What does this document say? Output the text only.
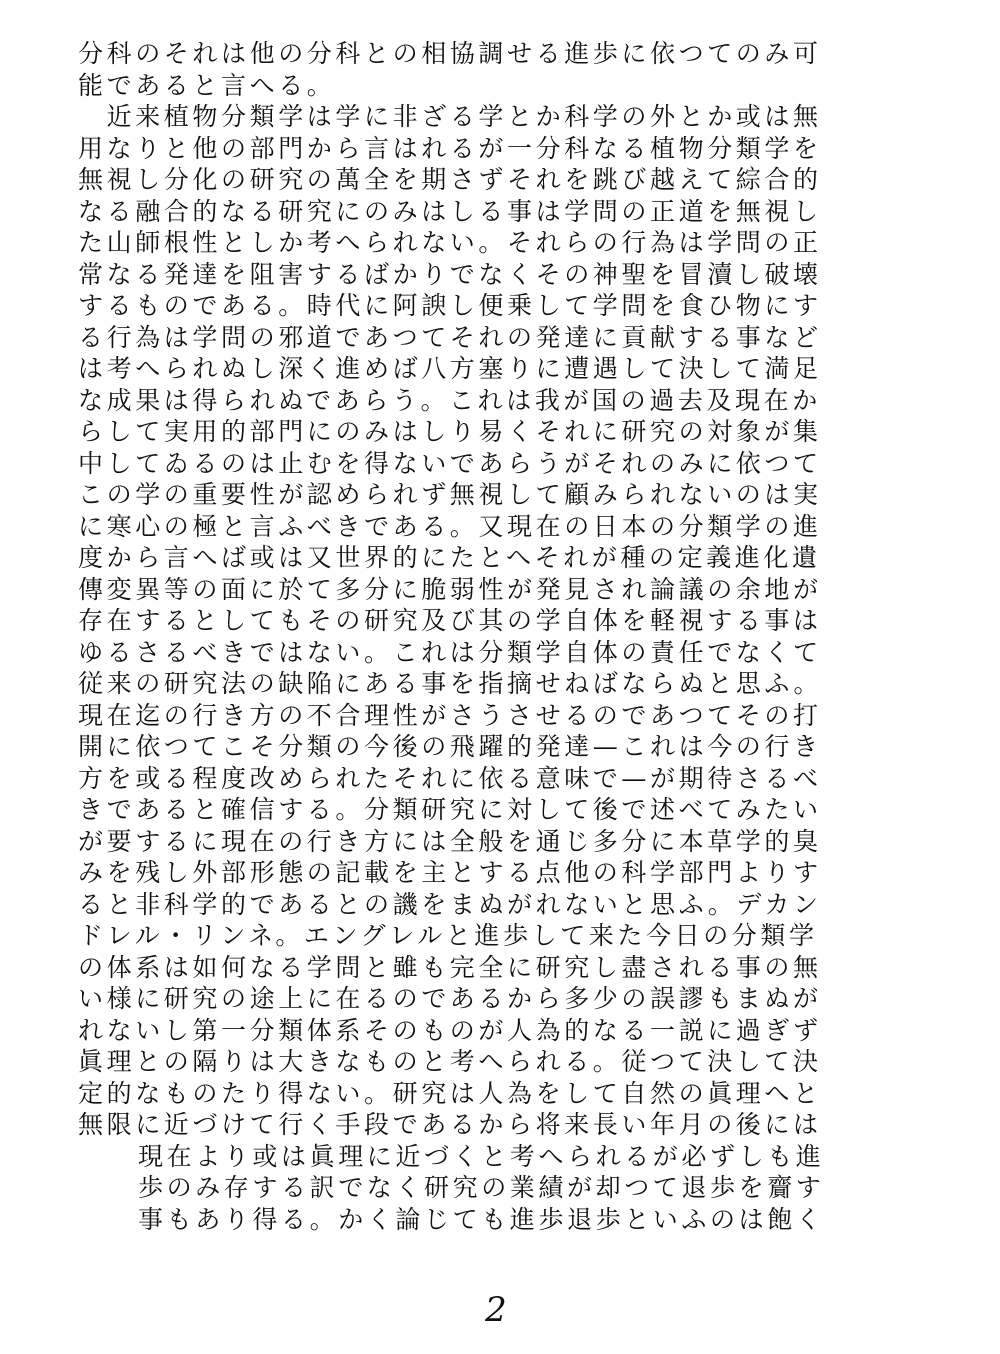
分科のそれは他の分科との相協調せる進歩に依つてのみ可
能であると言へる。
　近来植物分類学は学に非ざる学とか科学の外とか或は無
用なりと他の部門から言はれるが一分科なる植物分類学を
無視し分化の研究の萬全を期さずそれを跳び越えて綜合的
なる融合的なる研究にのみはしる事は学問の正道を無視し
た山師根性としか考へられない。それらの行為は学問の正
常なる発達を阻害するばかりでなくその神聖を冒瀆し破壊
するものである。時代に阿諛し便乗して学問を食ひ物にす
る行為は学問の邪道であつてそれの発達に貢献する事など
は考へられぬし深く進めば八方塞りに遭遇して決して満足
な成果は得られぬであらう。これは我が国の過去及現在か
らして実用的部門にのみはしり易くそれに研究の対象が集
中してゐるのは止むを得ないであらうがそれのみに依つて
この学の重要性が認められず無視して顧みられないのは実
に寒心の極と言ふべきである。又現在の日本の分類学の進
度から言へば或は又世界的にたとへそれが種の定義進化遺
傳変異等の面に於て多分に脆弱性が発見され論議の余地が
存在するとしてもその研究及び其の学自体を軽視する事は
ゆるさるべきではない。これは分類学自体の責任でなくて
従来の研究法の缺陥にある事を指摘せねばならぬと思ふ。
現在迄の行き方の不合理性がさうさせるのであつてその打
開に依つてこそ分類の今後の飛躍的発達—これは今の行き
方を或る程度改められたそれに依る意味で—が期待さるべ
きであると確信する。分類研究に対して後で述べてみたい
が要するに現在の行き方には全般を通じ多分に本草学的臭
みを残し外部形態の記載を主とする点他の科学部門よりす
ると非科学的であるとの譏をまぬがれないと思ふ。デカン
ドレル・リンネ。エングレルと進歩して来た今日の分類学
の体系は如何なる学問と雖も完全に研究し盡される事の無
い様に研究の途上に在るのであるから多少の誤謬もまぬが
れないし第一分類体系そのものが人為的なる一説に過ぎず
眞理との隔りは大きなものと考へられる。従つて決して決
定的なものたり得ない。研究は人為をして自然の眞理へと
無限に近づけて行く手段であるから将来長い年月の後には
現在より或は眞理に近づくと考へられるが必ずしも進
歩のみ存する訳でなく研究の業績が却つて退歩を齎す
事もあり得る。かく論じても進歩退歩といふのは飽く
2
